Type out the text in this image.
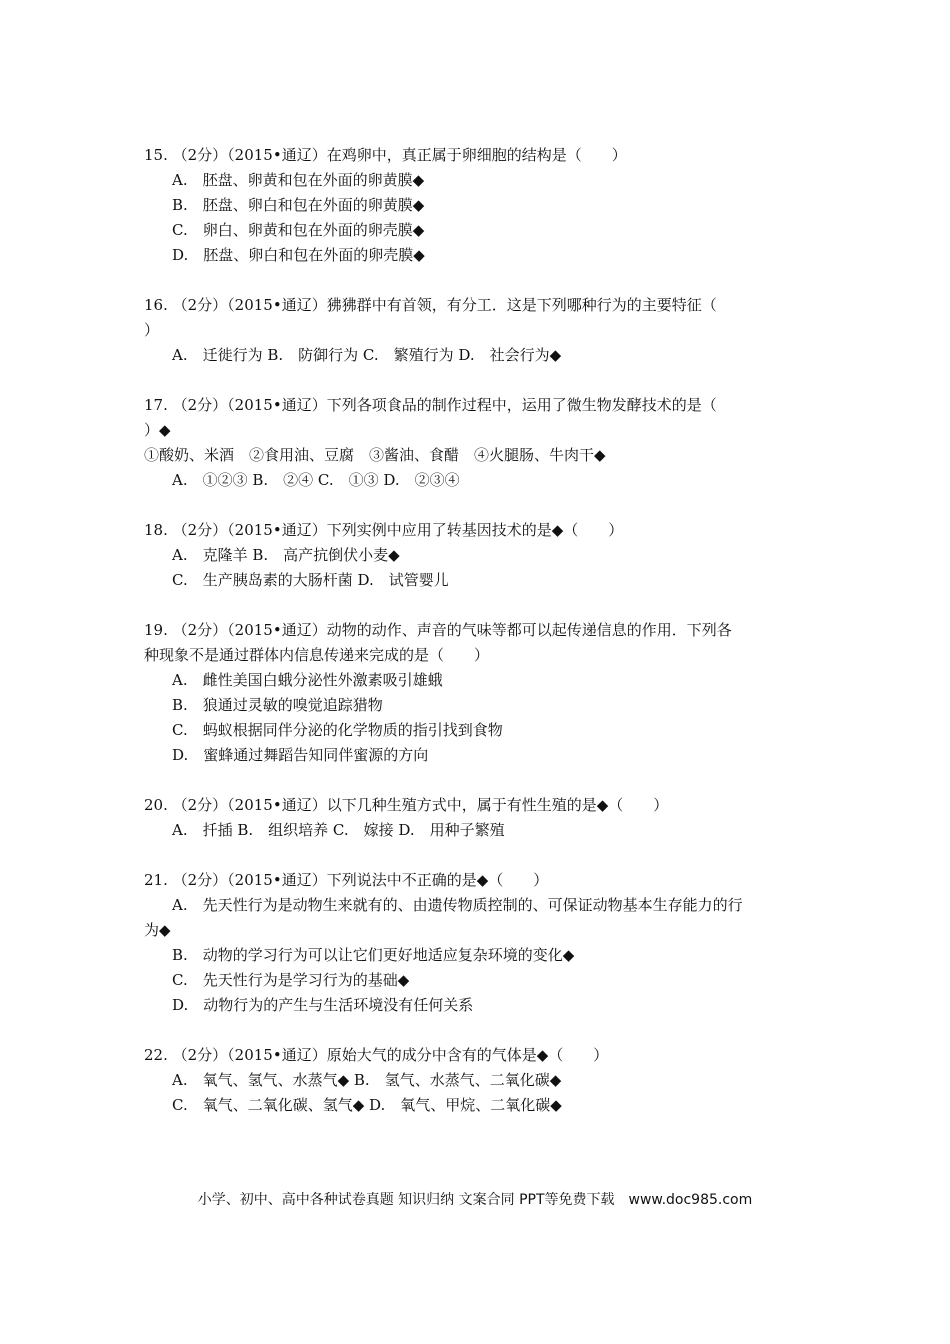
15. （2分）（2015•通辽）在鸡卵中，真正属于卵细胞的结构是（　　）
A.　胚盘、卵黄和包在外面的卵黄膜◆
B.　胚盘、卵白和包在外面的卵黄膜◆
C.　卵白、卵黄和包在外面的卵壳膜◆
D.　胚盘、卵白和包在外面的卵壳膜◆
16. （2分）（2015•通辽）狒狒群中有首领，有分工．这是下列哪种行为的主要特征（
）
A.　迁徙行为 B.　防御行为 C.　繁殖行为 D.　社会行为◆
17. （2分）（2015•通辽）下列各项食品的制作过程中，运用了微生物发酵技术的是（
）◆
①酸奶、米酒　②食用油、豆腐　③酱油、食醋　④火腿肠、牛肉干◆
A.　①②③ B.　②④ C.　①③ D.　②③④
18. （2分）（2015•通辽）下列实例中应用了转基因技术的是◆（　　）
A.　克隆羊 B.　高产抗倒伏小麦◆
C.　生产胰岛素的大肠杆菌 D.　试管婴儿
19. （2分）（2015•通辽）动物的动作、声音的气味等都可以起传递信息的作用．下列各
种现象不是通过群体内信息传递来完成的是（　　）
A.　雌性美国白蛾分泌性外激素吸引雄蛾
B.　狼通过灵敏的嗅觉追踪猎物
C.　蚂蚁根据同伴分泌的化学物质的指引找到食物
D.　蜜蜂通过舞蹈告知同伴蜜源的方向
20. （2分）（2015•通辽）以下几种生殖方式中，属于有性生殖的是◆（　　）
A.　扦插 B.　组织培养 C.　嫁接 D.　用种子繁殖
21. （2分）（2015•通辽）下列说法中不正确的是◆（　　）
A.　先天性行为是动物生来就有的、由遗传物质控制的、可保证动物基本生存能力的行
为◆
B.　动物的学习行为可以让它们更好地适应复杂环境的变化◆
C.　先天性行为是学习行为的基础◆
D.　动物行为的产生与生活环境没有任何关系
22. （2分）（2015•通辽）原始大气的成分中含有的气体是◆（　　）
A.　氧气、氢气、水蒸气◆ B.　氢气、水蒸气、二氧化碳◆
C.　氧气、二氧化碳、氢气◆ D.　氧气、甲烷、二氧化碳◆
小学、初中、高中各种试卷真题 知识归纳 文案合同 PPT等免费下载　www.doc985.com
